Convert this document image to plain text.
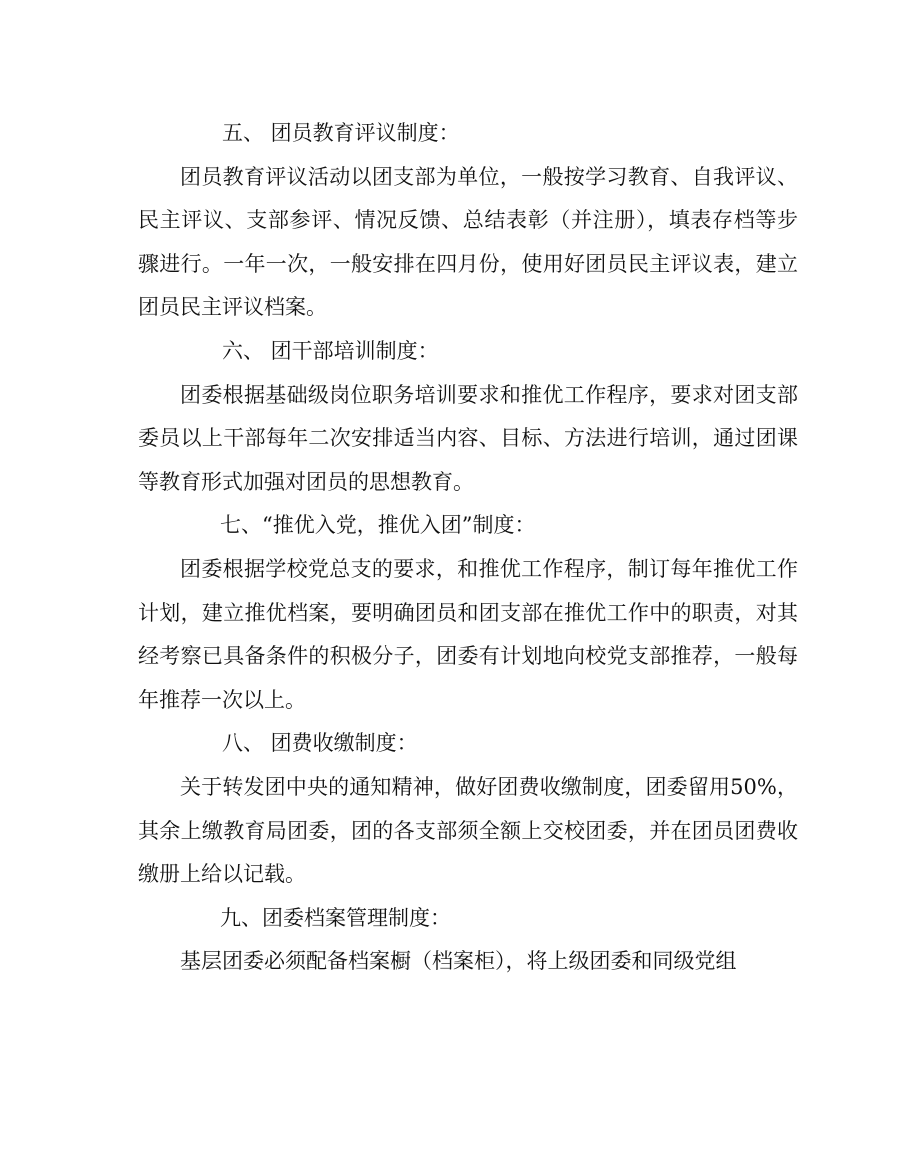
五、 团员教育评议制度：

团员教育评议活动以团支部为单位，一般按学习教育、自我评议、民主评议、支部参评、情况反馈、总结表彰（并注册），填表存档等步骤进行。一年一次，一般安排在四月份，使用好团员民主评议表，建立团员民主评议档案。

六、 团干部培训制度：

团委根据基础级岗位职务培训要求和推优工作程序，要求对团支部委员以上干部每年二次安排适当内容、目标、方法进行培训，通过团课等教育形式加强对团员的思想教育。

七、“推优入党，推优入团”制度：

团委根据学校党总支的要求，和推优工作程序，制订每年推优工作计划，建立推优档案，要明确团员和团支部在推优工作中的职责，对其经考察已具备条件的积极分子，团委有计划地向校党支部推荐，一般每年推荐一次以上。

八、 团费收缴制度：

关于转发团中央的通知精神，做好团费收缴制度，团委留用50%，其余上缴教育局团委，团的各支部须全额上交校团委，并在团员团费收缴册上给以记载。

九、团委档案管理制度：

基层团委必须配备档案橱（档案柜），将上级团委和同级党组
